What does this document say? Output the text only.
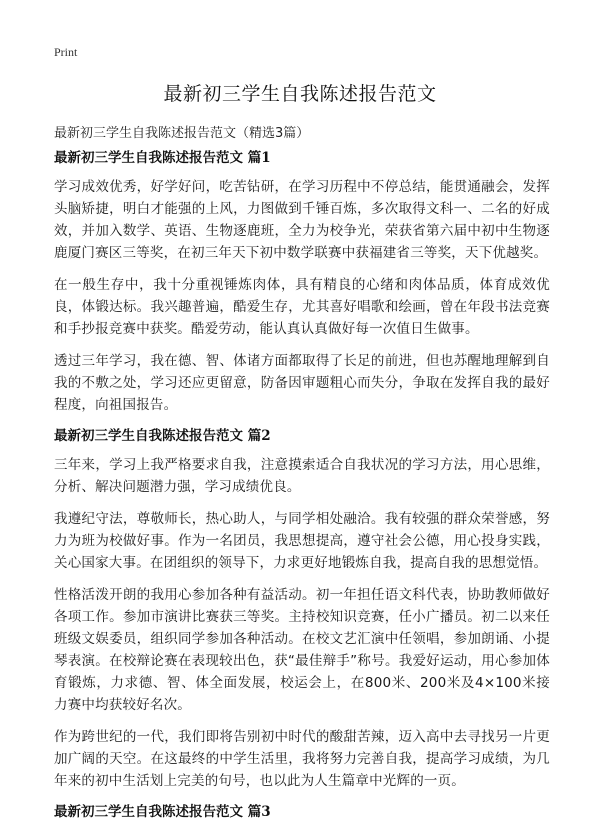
Print
最新初三学生自我陈述报告范文
最新初三学生自我陈述报告范文（精选3篇）
最新初三学生自我陈述报告范文 篇1

学习成效优秀，好学好问，吃苦钻研，在学习历程中不停总结，能贯通融会，发挥头脑矫捷，明白才能强的上风，力图做到千锤百炼，多次取得文科一、二名的好成效，并加入数学、英语、生物逐鹿班，全力为校争光，荣获省第六届中初中生物逐鹿厦门赛区三等奖，在初三年天下初中数学联赛中获福建省三等奖，天下优越奖。

在一般生存中，我十分重视锤炼肉体，具有精良的心绪和肉体品质，体育成效优良，体锻达标。我兴趣普遍，酷爱生存，尤其喜好唱歌和绘画，曾在年段书法竞赛和手抄报竞赛中获奖。酷爱劳动，能认真认真做好每一次值日生做事。

透过三年学习，我在德、智、体诸方面都取得了长足的前进，但也苏醒地理解到自我的不敷之处，学习还应更留意，防备因审题粗心而失分，争取在发挥自我的最好程度，向祖国报告。

最新初三学生自我陈述报告范文 篇2

三年来，学习上我严格要求自我，注意摸索适合自我状况的学习方法，用心思维，分析、解决问题潜力强，学习成绩优良。

我遵纪守法，尊敬师长，热心助人，与同学相处融洽。我有较强的群众荣誉感，努力为班为校做好事。作为一名团员，我思想提高，遵守社会公德，用心投身实践，关心国家大事。在团组织的领导下，力求更好地锻炼自我，提高自我的思想觉悟。

性格活泼开朗的我用心参加各种有益活动。初一年担任语文科代表，协助教师做好各项工作。参加市演讲比赛获三等奖。主持校知识竞赛，任小广播员。初二以来任班级文娱委员，组织同学参加各种活动。在校文艺汇演中任领唱，参加朗诵、小提琴表演。在校辩论赛在表现较出色，获“最佳辩手”称号。我爱好运动，用心参加体育锻炼，力求德、智、体全面发展，校运会上，在800米、200米及4×100米接力赛中均获较好名次。

作为跨世纪的一代，我们即将告别初中时代的酸甜苦辣，迈入高中去寻找另一片更加广阔的天空。在这最终的中学生活里，我将努力完善自我，提高学习成绩，为几年来的初中生活划上完美的句号，也以此为人生篇章中光辉的一页。

最新初三学生自我陈述报告范文 篇3
